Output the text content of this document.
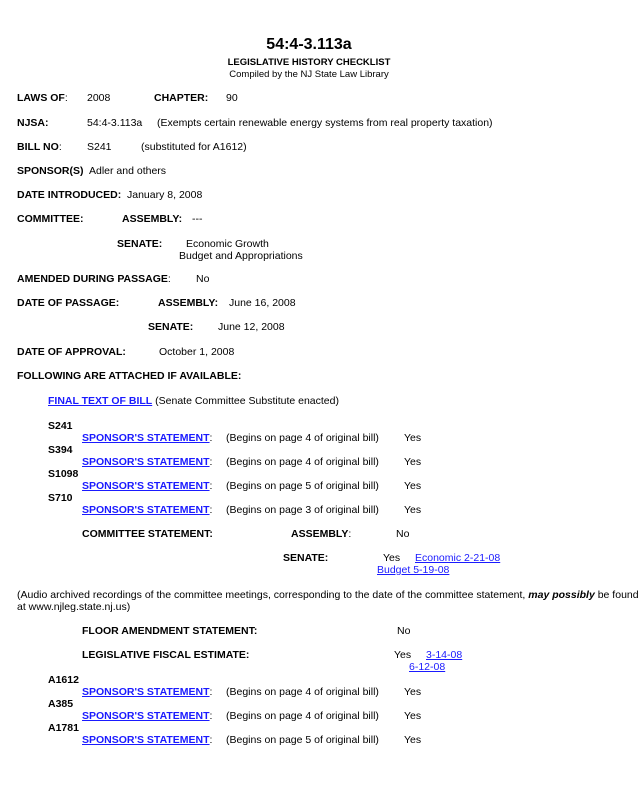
54:4-3.113a
LEGISLATIVE HISTORY CHECKLIST
Compiled by the NJ State Law Library
LAWS OF: 2008	CHAPTER: 90
NJSA:	54:4-3.113a (Exempts certain renewable energy systems from real property taxation)
BILL NO: S241	(substituted for A1612)
SPONSOR(S) Adler and others
DATE INTRODUCED: January 8, 2008
COMMITTEE:	ASSEMBLY: ---
SENATE: Economic Growth
Budget and Appropriations
AMENDED DURING PASSAGE: No
DATE OF PASSAGE:	ASSEMBLY: June 16, 2008
SENATE: June 12, 2008
DATE OF APPROVAL:	October 1, 2008
FOLLOWING ARE ATTACHED IF AVAILABLE:
FINAL TEXT OF BILL (Senate Committee Substitute enacted)
S241
SPONSOR'S STATEMENT: (Begins on page 4 of original bill) Yes
S394
SPONSOR'S STATEMENT: (Begins on page 4 of original bill) Yes
S1098
SPONSOR'S STATEMENT: (Begins on page 5 of original bill) Yes
S710
SPONSOR'S STATEMENT: (Begins on page 3 of original bill) Yes
COMMITTEE STATEMENT:	ASSEMBLY:	No
SENATE:	Yes Economic 2-21-08
Budget 5-19-08
(Audio archived recordings of the committee meetings, corresponding to the date of the committee statement, may possibly be found
at www.njleg.state.nj.us)
FLOOR AMENDMENT STATEMENT:	No
LEGISLATIVE FISCAL ESTIMATE:	Yes 3-14-08
6-12-08
A1612
SPONSOR'S STATEMENT: (Begins on page 4 of original bill) Yes
A385
SPONSOR'S STATEMENT: (Begins on page 4 of original bill) Yes
A1781
SPONSOR'S STATEMENT: (Begins on page 5 of original bill) Yes
